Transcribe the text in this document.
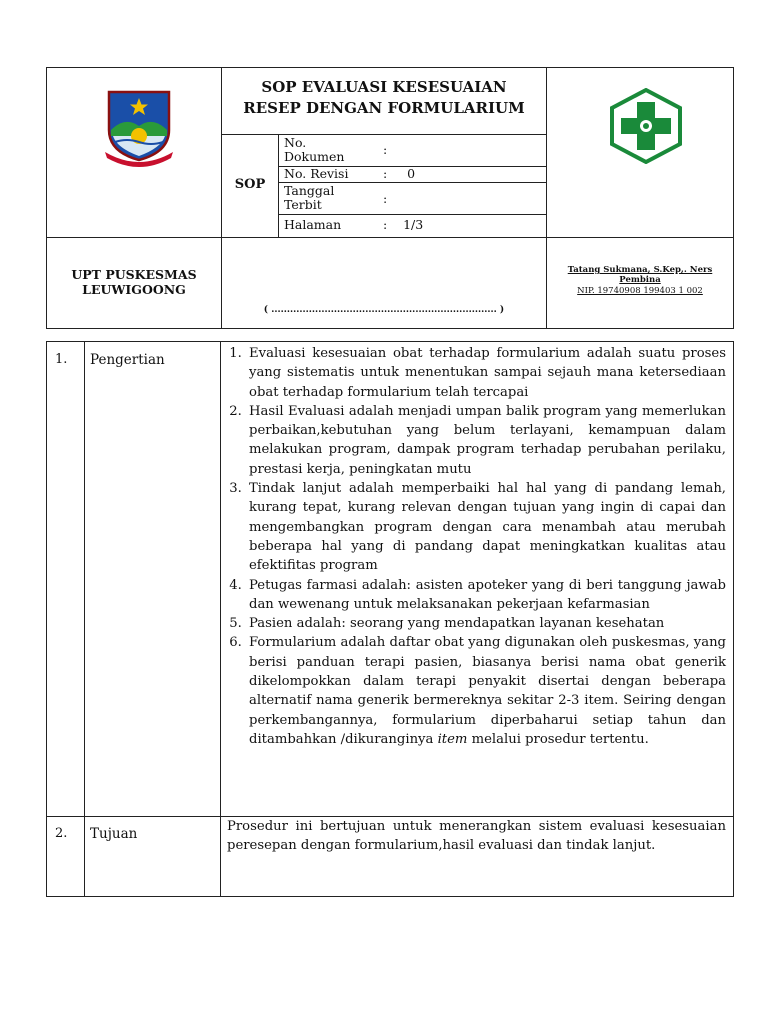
SOP EVALUASI KESESUAIAN
RESEP DENGAN FORMULARIUM
SOP
No. Dokumen	:
No. Revisi	:     0
Tanggal Terbit	:
Halaman	:    1/3
UPT PUSKESMAS
LEUWIGOONG
( ........................................................................ )
Tatang Sukmana, S.Kep,. Ners
Pembina
NIP. 19740908 199403 1 002
1. Pengertian
1.	Evaluasi kesesuaian obat terhadap formularium adalah suatu proses yang sistematis untuk menentukan sampai sejauh mana ketersediaan obat terhadap formularium telah tercapai
2. Hasil Evaluasi adalah menjadi umpan balik program yang memerlukan perbaikan,kebutuhan yang belum terlayani, kemampuan dalam melakukan program, dampak program terhadap perubahan perilaku, prestasi kerja, peningkatan mutu
3. Tindak lanjut adalah memperbaiki hal hal yang di pandang lemah, kurang tepat, kurang relevan dengan tujuan yang ingin di capai dan mengembangkan program dengan cara menambah atau merubah beberapa hal yang di pandang dapat meningkatkan kualitas atau efektifitas program
4. Petugas farmasi adalah: asisten apoteker yang di beri tanggung jawab dan wewenang untuk melaksanakan pekerjaan kefarmasian
5. Pasien adalah: seorang yang mendapatkan layanan kesehatan
6. Formularium adalah daftar obat yang digunakan oleh puskesmas, yang berisi panduan terapi pasien, biasanya berisi nama obat generik dikelompokkan dalam terapi penyakit disertai dengan beberapa alternatif nama generik bermereknya sekitar 2-3 item. Seiring dengan perkembangannya, formularium diperbaharui setiap tahun dan ditambahkan /dikuranginya item melalui prosedur tertentu.
2. Tujuan	Prosedur ini bertujuan untuk menerangkan sistem evaluasi kesesuaian peresepan dengan formularium,hasil evaluasi dan tindak lanjut.
